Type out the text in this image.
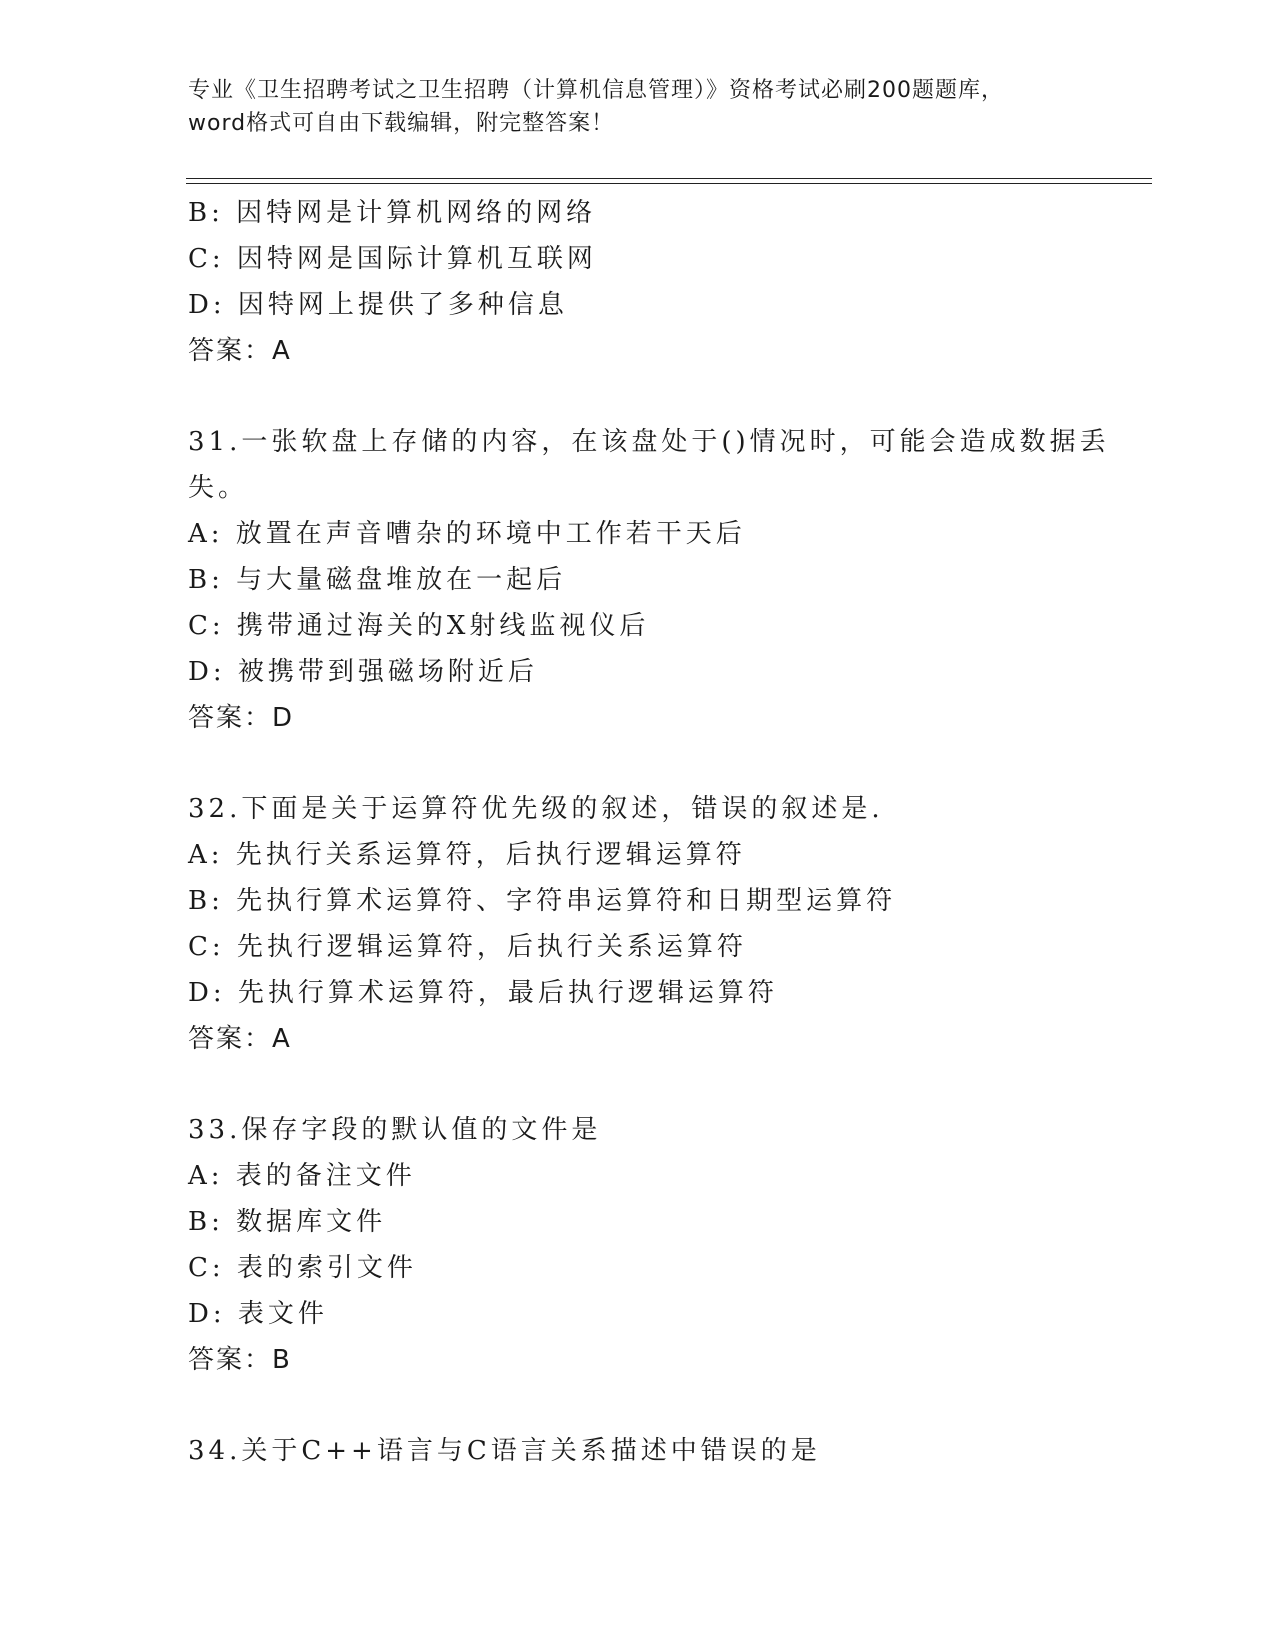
专业《卫生招聘考试之卫生招聘（计算机信息管理）》资格考试必刷200题题库，
word格式可自由下载编辑，附完整答案！
B: 因特网是计算机网络的网络
C: 因特网是国际计算机互联网
D: 因特网上提供了多种信息
答案：A
31.一张软盘上存储的内容，在该盘处于()情况时，可能会造成数据丢
失。
A: 放置在声音嘈杂的环境中工作若干天后
B: 与大量磁盘堆放在一起后
C: 携带通过海关的X射线监视仪后
D: 被携带到强磁场附近后
答案：D
32.下面是关于运算符优先级的叙述，错误的叙述是.
A: 先执行关系运算符，后执行逻辑运算符
B: 先执行算术运算符、字符串运算符和日期型运算符
C: 先执行逻辑运算符，后执行关系运算符
D: 先执行算术运算符，最后执行逻辑运算符
答案：A
33.保存字段的默认值的文件是
A: 表的备注文件
B: 数据库文件
C: 表的索引文件
D: 表文件
答案：B
34.关于C++语言与C语言关系描述中错误的是
